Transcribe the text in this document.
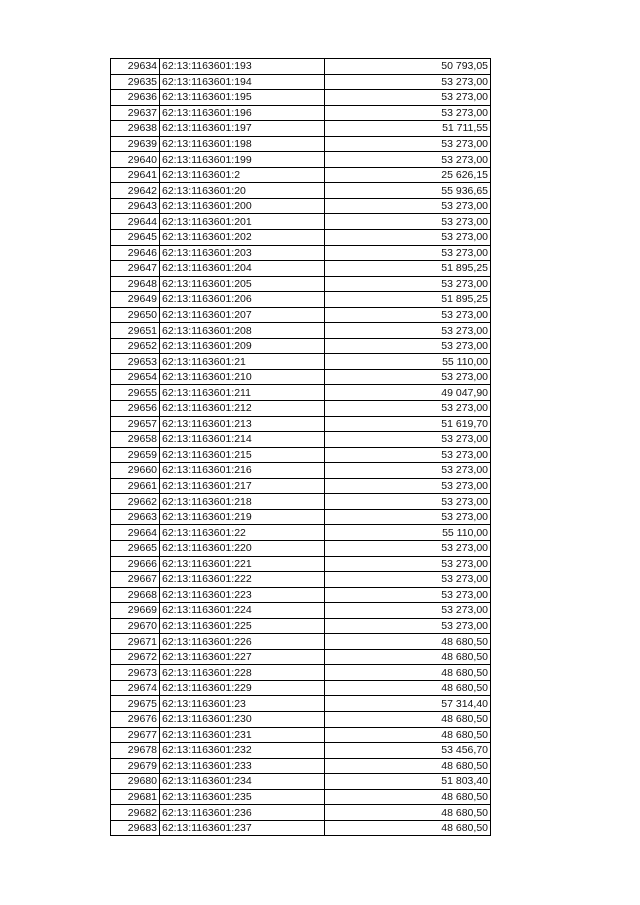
29634	62:13:1163601:193	50 793,05
29635	62:13:1163601:194	53 273,00
29636	62:13:1163601:195	53 273,00
29637	62:13:1163601:196	53 273,00
29638	62:13:1163601:197	51 711,55
29639	62:13:1163601:198	53 273,00
29640	62:13:1163601:199	53 273,00
29641	62:13:1163601:2	25 626,15
29642	62:13:1163601:20	55 936,65
29643	62:13:1163601:200	53 273,00
29644	62:13:1163601:201	53 273,00
29645	62:13:1163601:202	53 273,00
29646	62:13:1163601:203	53 273,00
29647	62:13:1163601:204	51 895,25
29648	62:13:1163601:205	53 273,00
29649	62:13:1163601:206	51 895,25
29650	62:13:1163601:207	53 273,00
29651	62:13:1163601:208	53 273,00
29652	62:13:1163601:209	53 273,00
29653	62:13:1163601:21	55 110,00
29654	62:13:1163601:210	53 273,00
29655	62:13:1163601:211	49 047,90
29656	62:13:1163601:212	53 273,00
29657	62:13:1163601:213	51 619,70
29658	62:13:1163601:214	53 273,00
29659	62:13:1163601:215	53 273,00
29660	62:13:1163601:216	53 273,00
29661	62:13:1163601:217	53 273,00
29662	62:13:1163601:218	53 273,00
29663	62:13:1163601:219	53 273,00
29664	62:13:1163601:22	55 110,00
29665	62:13:1163601:220	53 273,00
29666	62:13:1163601:221	53 273,00
29667	62:13:1163601:222	53 273,00
29668	62:13:1163601:223	53 273,00
29669	62:13:1163601:224	53 273,00
29670	62:13:1163601:225	53 273,00
29671	62:13:1163601:226	48 680,50
29672	62:13:1163601:227	48 680,50
29673	62:13:1163601:228	48 680,50
29674	62:13:1163601:229	48 680,50
29675	62:13:1163601:23	57 314,40
29676	62:13:1163601:230	48 680,50
29677	62:13:1163601:231	48 680,50
29678	62:13:1163601:232	53 456,70
29679	62:13:1163601:233	48 680,50
29680	62:13:1163601:234	51 803,40
29681	62:13:1163601:235	48 680,50
29682	62:13:1163601:236	48 680,50
29683	62:13:1163601:237	48 680,50
